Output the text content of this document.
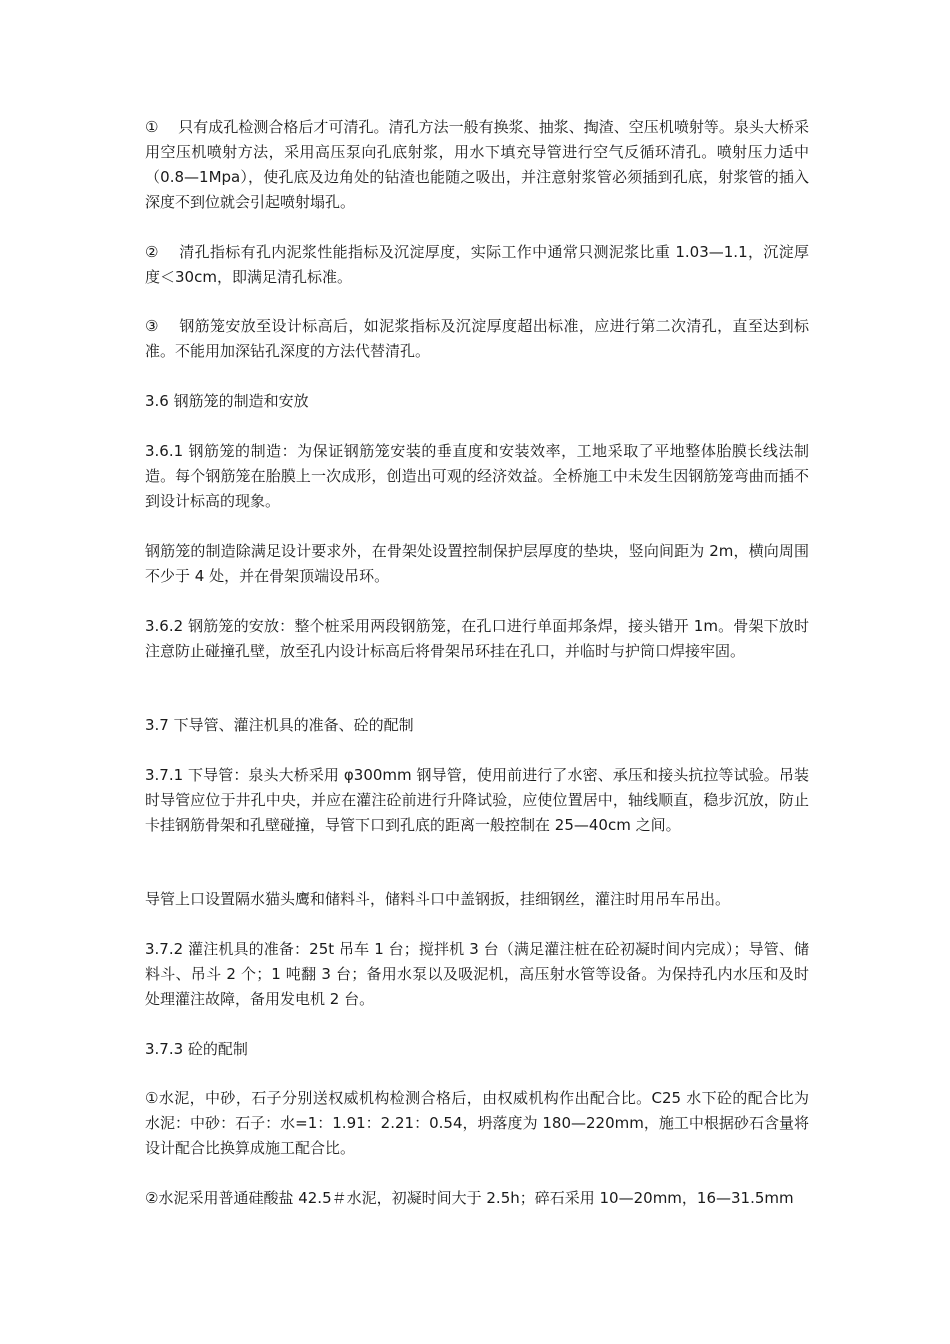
①　 只有成孔检测合格后才可清孔。清孔方法一般有换浆、抽浆、掏渣、空压机喷射等。泉头大桥采用空压机喷射方法，采用高压泵向孔底射浆，用水下填充导管进行空气反循环清孔。喷射压力适中（0.8—1Mpa），使孔底及边角处的钻渣也能随之吸出，并注意射浆管必须插到孔底，射浆管的插入深度不到位就会引起喷射塌孔。

②　 清孔指标有孔内泥浆性能指标及沉淀厚度，实际工作中通常只测泥浆比重 1.03—1.1，沉淀厚度＜30cm，即满足清孔标准。

③　 钢筋笼安放至设计标高后，如泥浆指标及沉淀厚度超出标准，应进行第二次清孔，直至达到标准。不能用加深钻孔深度的方法代替清孔。

3.6 钢筋笼的制造和安放

3.6.1 钢筋笼的制造：为保证钢筋笼安装的垂直度和安装效率，工地采取了平地整体胎膜长线法制造。每个钢筋笼在胎膜上一次成形，创造出可观的经济效益。全桥施工中未发生因钢筋笼弯曲而插不到设计标高的现象。

钢筋笼的制造除满足设计要求外，在骨架处设置控制保护层厚度的垫块，竖向间距为 2m，横向周围不少于 4 处，并在骨架顶端设吊环。

3.6.2 钢筋笼的安放：整个桩采用两段钢筋笼，在孔口进行单面邦条焊，接头错开 1m。骨架下放时注意防止碰撞孔壁，放至孔内设计标高后将骨架吊环挂在孔口，并临时与护筒口焊接牢固。

3.7 下导管、灌注机具的准备、砼的配制

3.7.1 下导管：泉头大桥采用 φ300mm 钢导管，使用前进行了水密、承压和接头抗拉等试验。吊装时导管应位于井孔中央，并应在灌注砼前进行升降试验，应使位置居中，轴线顺直，稳步沉放，防止卡挂钢筋骨架和孔壁碰撞，导管下口到孔底的距离一般控制在 25—40cm 之间。

导管上口设置隔水猫头鹰和储料斗，储料斗口中盖钢扳，挂细钢丝，灌注时用吊车吊出。

3.7.2 灌注机具的准备：25t 吊车 1 台；搅拌机 3 台（满足灌注桩在砼初凝时间内完成）；导管、储料斗、吊斗 2 个；1 吨翻 3 台；备用水泵以及吸泥机，高压射水管等设备。为保持孔内水压和及时处理灌注故障，备用发电机 2 台。

3.7.3 砼的配制

①水泥，中砂，石子分别送权威机构检测合格后，由权威机构作出配合比。C25 水下砼的配合比为　水泥：中砂：石子：水=1：1.91：2.21：0.54，坍落度为 180—220mm，施工中根据砂石含量将设计配合比换算成施工配合比。

②水泥采用普通硅酸盐 42.5＃水泥，初凝时间大于 2.5h；碎石采用 10—20mm，16—31.5mm
